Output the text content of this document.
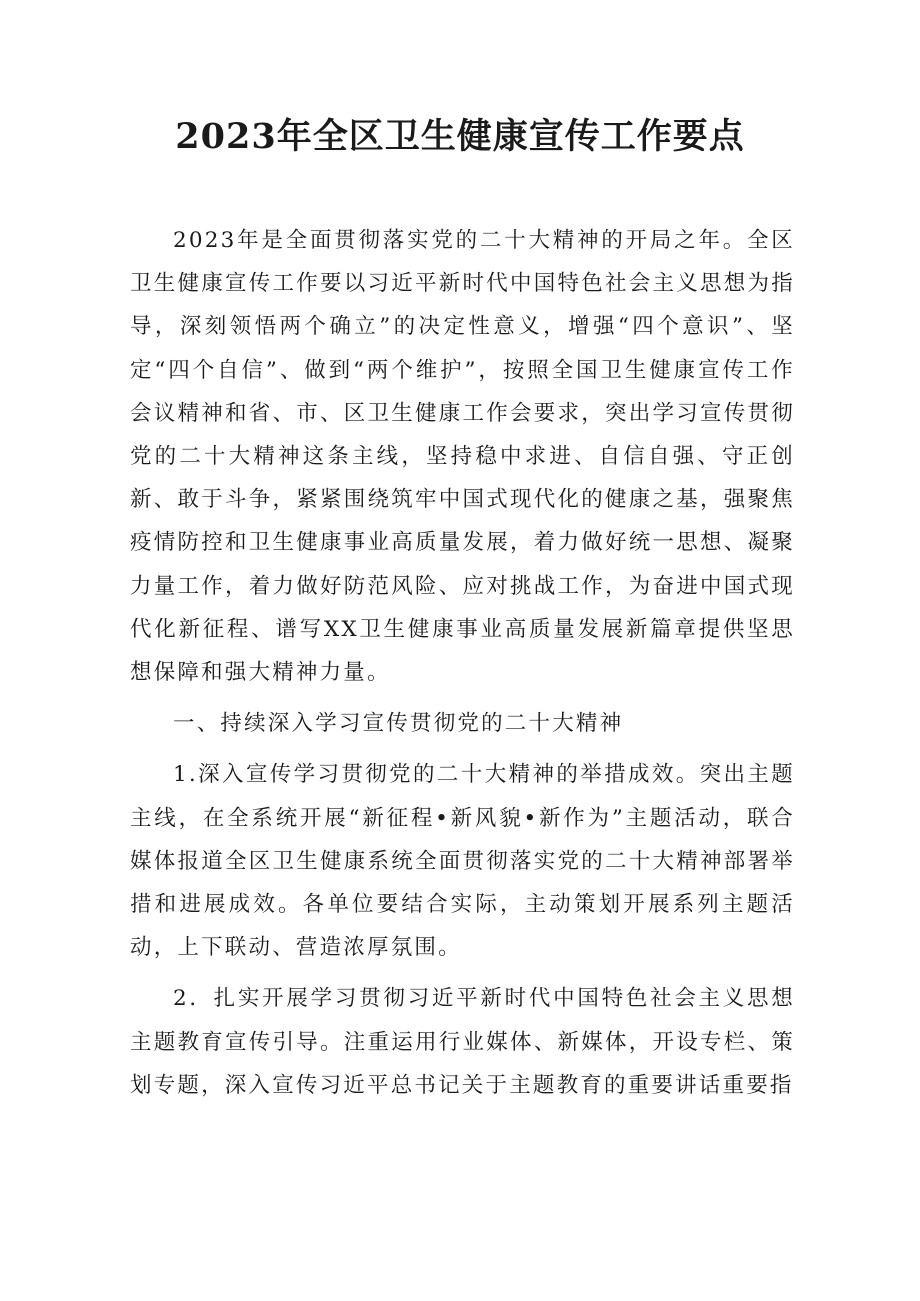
2023年全区卫生健康宣传工作要点

2023年是全面贯彻落实党的二十大精神的开局之年。全区卫生健康宣传工作要以习近平新时代中国特色社会主义思想为指导，深刻领悟两个确立”的决定性意义，增强“四个意识”、坚定“四个自信”、做到“两个维护”，按照全国卫生健康宣传工作会议精神和省、市、区卫生健康工作会要求，突出学习宣传贯彻党的二十大精神这条主线，坚持稳中求进、自信自强、守正创新、敢于斗争，紧紧围绕筑牢中国式现代化的健康之基，强聚焦疫情防控和卫生健康事业高质量发展，着力做好统一思想、凝聚力量工作，着力做好防范风险、应对挑战工作，为奋进中国式现代化新征程、谱写XX卫生健康事业高质量发展新篇章提供坚思想保障和强大精神力量。

一、持续深入学习宣传贯彻党的二十大精神

1.深入宣传学习贯彻党的二十大精神的举措成效。突出主题主线，在全系统开展“新征程•新风貌•新作为”主题活动，联合媒体报道全区卫生健康系统全面贯彻落实党的二十大精神部署举措和进展成效。各单位要结合实际，主动策划开展系列主题活动，上下联动、营造浓厚氛围。

2．扎实开展学习贯彻习近平新时代中国特色社会主义思想主题教育宣传引导。注重运用行业媒体、新媒体，开设专栏、策划专题，深入宣传习近平总书记关于主题教育的重要讲话重要指
